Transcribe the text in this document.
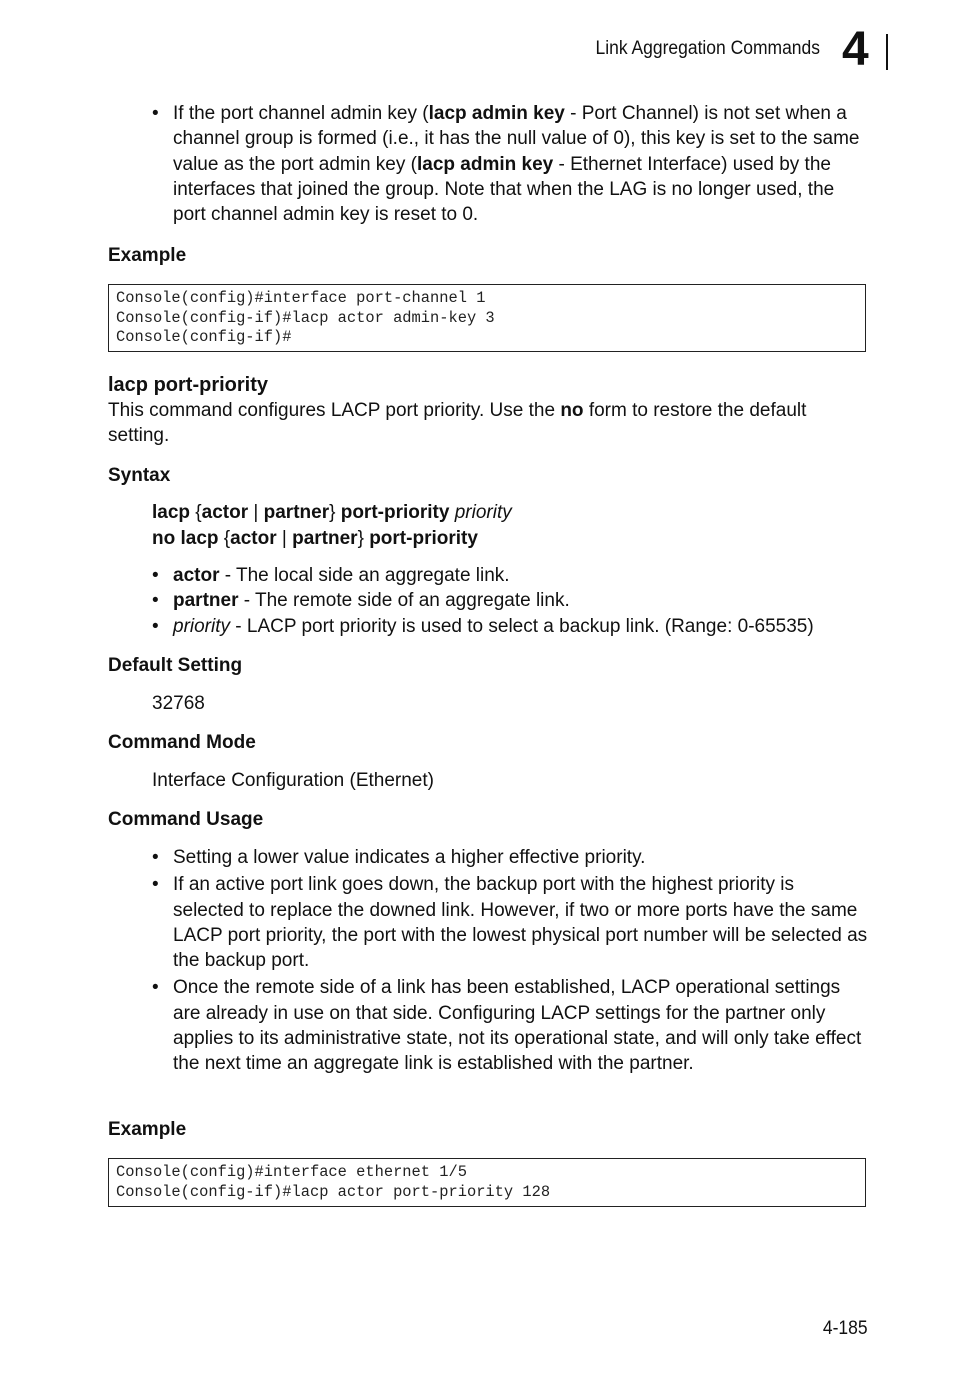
Link Aggregation Commands 4
• If the port channel admin key (lacp admin key - Port Channel) is not set when a channel group is formed (i.e., it has the null value of 0), this key is set to the same value as the port admin key (lacp admin key - Ethernet Interface) used by the interfaces that joined the group. Note that when the LAG is no longer used, the port channel admin key is reset to 0.
Example
Console(config)#interface port-channel 1
Console(config-if)#lacp actor admin-key 3
Console(config-if)#
lacp port-priority
This command configures LACP port priority. Use the no form to restore the default setting.
Syntax
lacp {actor | partner} port-priority priority
no lacp {actor | partner} port-priority
• actor - The local side an aggregate link.
• partner - The remote side of an aggregate link.
• priority - LACP port priority is used to select a backup link. (Range: 0-65535)
Default Setting
32768
Command Mode
Interface Configuration (Ethernet)
Command Usage
• Setting a lower value indicates a higher effective priority.
• If an active port link goes down, the backup port with the highest priority is selected to replace the downed link. However, if two or more ports have the same LACP port priority, the port with the lowest physical port number will be selected as the backup port.
• Once the remote side of a link has been established, LACP operational settings are already in use on that side. Configuring LACP settings for the partner only applies to its administrative state, not its operational state, and will only take effect the next time an aggregate link is established with the partner.
Example
Console(config)#interface ethernet 1/5
Console(config-if)#lacp actor port-priority 128
4-185
